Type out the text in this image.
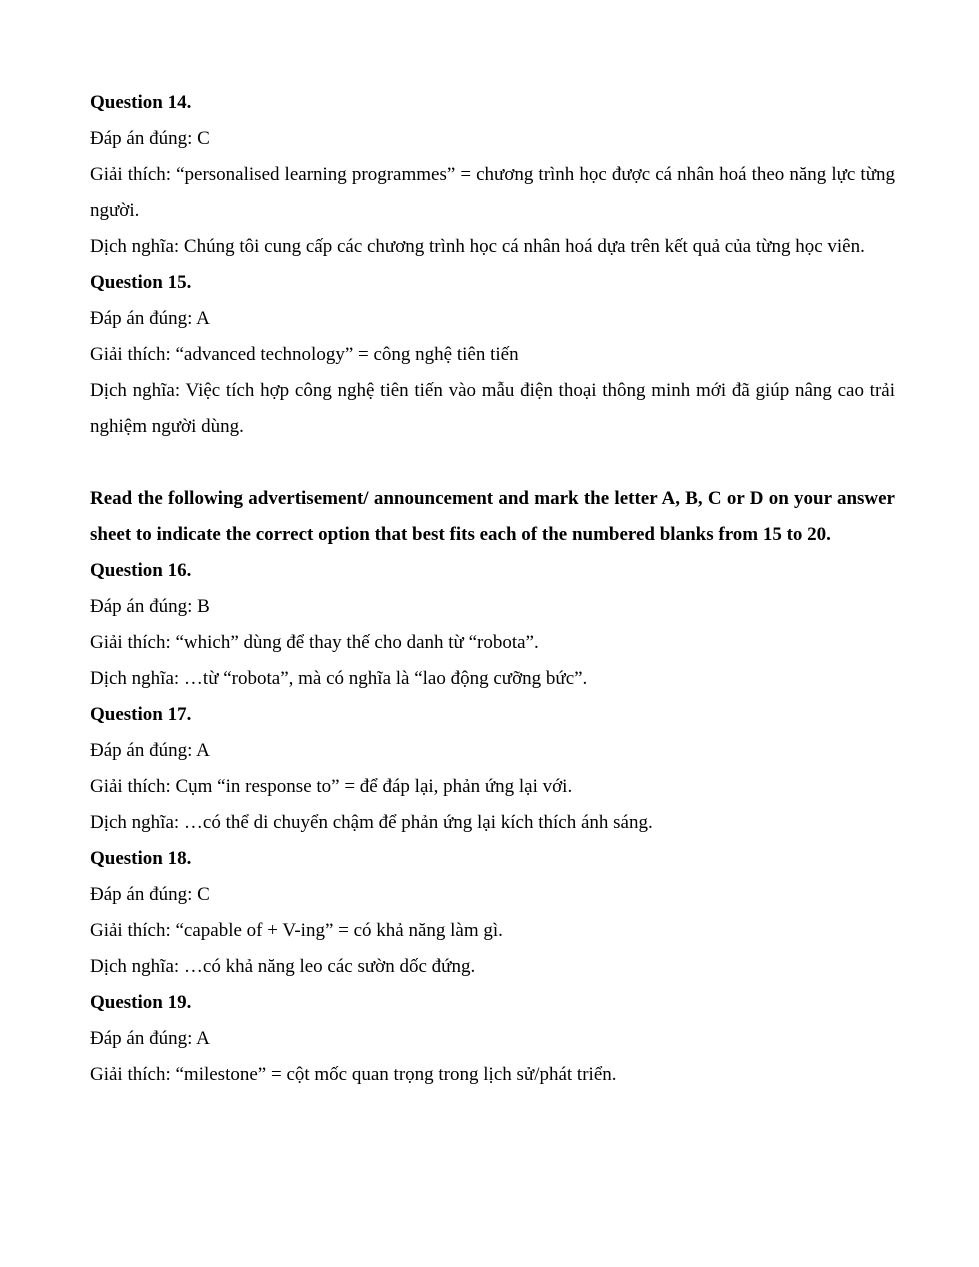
Question 14.

Đáp án đúng: C

Giải thích: “personalised learning programmes” = chương trình học được cá nhân hoá theo năng lực từng người.

Dịch nghĩa: Chúng tôi cung cấp các chương trình học cá nhân hoá dựa trên kết quả của từng học viên.

Question 15.

Đáp án đúng: A

Giải thích: “advanced technology” = công nghệ tiên tiến

Dịch nghĩa: Việc tích hợp công nghệ tiên tiến vào mẫu điện thoại thông minh mới đã giúp nâng cao trải nghiệm người dùng.

Read the following advertisement/ announcement and mark the letter A, B, C or D on your answer sheet to indicate the correct option that best fits each of the numbered blanks from 15 to 20.

Question 16.

Đáp án đúng: B

Giải thích: “which” dùng để thay thế cho danh từ “robota”.

Dịch nghĩa: …từ “robota”, mà có nghĩa là “lao động cưỡng bức”.

Question 17.

Đáp án đúng: A

Giải thích: Cụm “in response to” = để đáp lại, phản ứng lại với.

Dịch nghĩa: …có thể di chuyển chậm để phản ứng lại kích thích ánh sáng.

Question 18.

Đáp án đúng: C

Giải thích: “capable of + V-ing” = có khả năng làm gì.

Dịch nghĩa: …có khả năng leo các sườn dốc đứng.

Question 19.

Đáp án đúng: A

Giải thích: “milestone” = cột mốc quan trọng trong lịch sử/phát triển.
